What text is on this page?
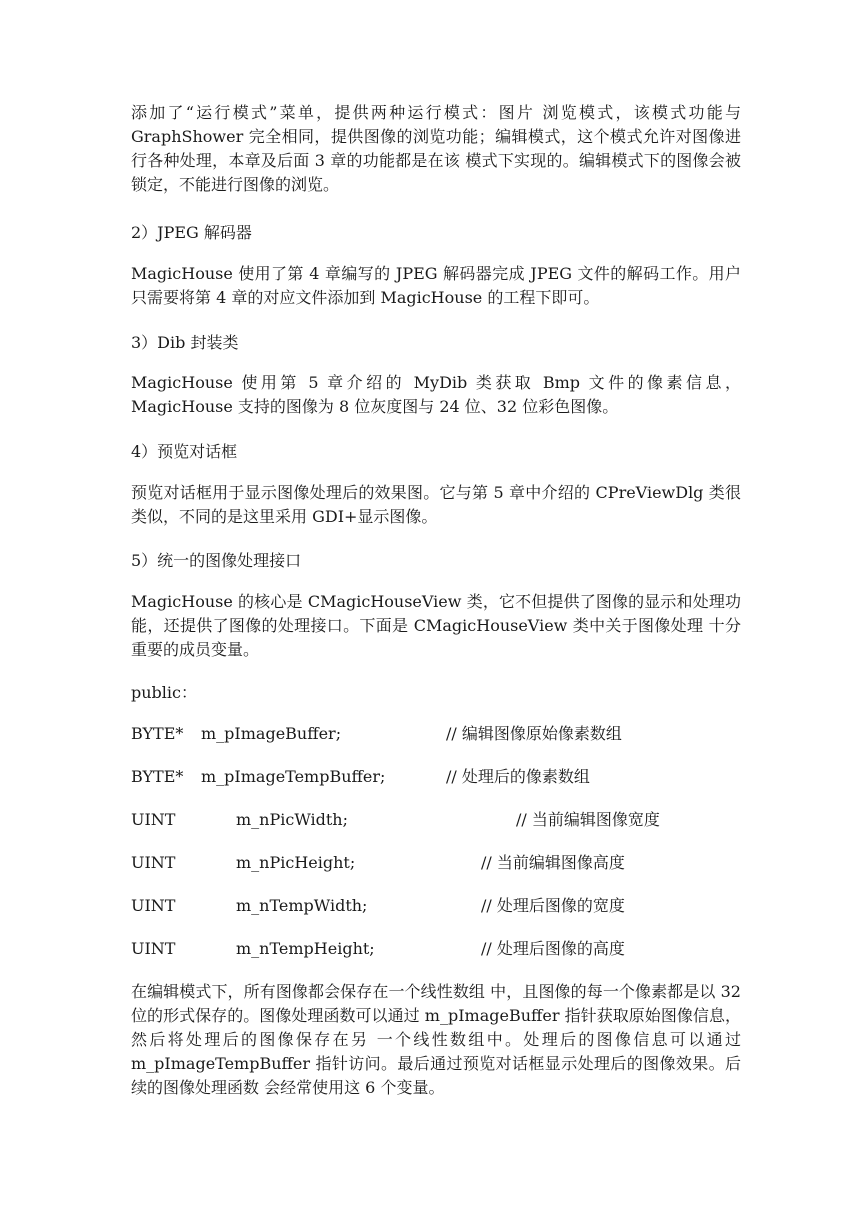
添加了“运行模式”菜单，提供两种运行模式：图片 浏览模式，该模式功能与 GraphShower 完全相同，提供图像的浏览功能；编辑模式，这个模式允许对图像进行各种处理，本章及后面 3 章的功能都是在该 模式下实现的。编辑模式下的图像会被锁定，不能进行图像的浏览。

2）JPEG 解码器

MagicHouse 使用了第 4 章编写的 JPEG 解码器完成 JPEG 文件的解码工作。用户只需要将第 4 章的对应文件添加到 MagicHouse 的工程下即可。

3）Dib 封装类

MagicHouse 使用第 5 章介绍的 MyDib 类获取 Bmp 文件的像素信息，MagicHouse 支持的图像为 8 位灰度图与 24 位、32 位彩色图像。

4）预览对话框

预览对话框用于显示图像处理后的效果图。它与第 5 章中介绍的 CPreViewDlg 类很类似，不同的是这里采用 GDI+显示图像。

5）统一的图像处理接口

MagicHouse 的核心是 CMagicHouseView 类，它不但提供了图像的显示和处理功能，还提供了图像的处理接口。下面是 CMagicHouseView 类中关于图像处理 十分重要的成员变量。

public：

BYTE* m_pImageBuffer;	// 编辑图像原始像素数组
BYTE* m_pImageTempBuffer;	// 处理后的像素数组
UINT	m_nPicWidth;	// 当前编辑图像宽度
UINT	m_nPicHeight;	// 当前编辑图像高度
UINT	m_nTempWidth;	// 处理后图像的宽度
UINT	m_nTempHeight;	// 处理后图像的高度

在编辑模式下，所有图像都会保存在一个线性数组 中，且图像的每一个像素都是以 32 位的形式保存的。图像处理函数可以通过 m_pImageBuffer 指针获取原始图像信息，然后将处理后的图像保存在另 一个线性数组中。处理后的图像信息可以通过 m_pImageTempBuffer 指针访问。最后通过预览对话框显示处理后的图像效果。后续的图像处理函数 会经常使用这 6 个变量。
